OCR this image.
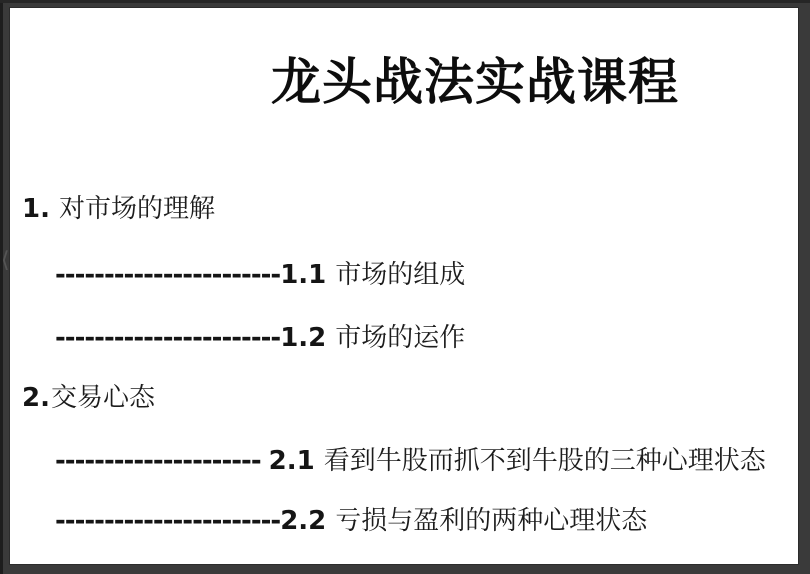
⟨
龙头战法实战课程
1. 对市场的理解
-----------------------1.1 市场的组成
-----------------------1.2 市场的运作
2.交易心态
--------------------- 2.1 看到牛股而抓不到牛股的三种心理状态
-----------------------2.2 亏损与盈利的两种心理状态
